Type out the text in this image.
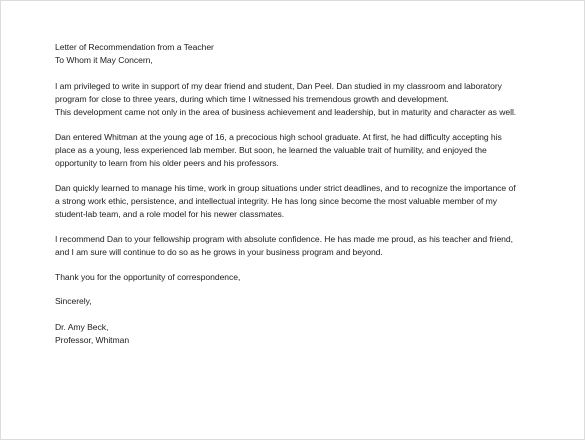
Letter of Recommendation from a Teacher
To Whom it May Concern,
I am privileged to write in support of my dear friend and student, Dan Peel. Dan studied in my classroom and laboratory
program for close to three years, during which time I witnessed his tremendous growth and development.
This development came not only in the area of business achievement and leadership, but in maturity and character as well.
Dan entered Whitman at the young age of 16, a precocious high school graduate. At first, he had difficulty accepting his
place as a young, less experienced lab member. But soon, he learned the valuable trait of humility, and enjoyed the
opportunity to learn from his older peers and his professors.
Dan quickly learned to manage his time, work in group situations under strict deadlines, and to recognize the importance of
a strong work ethic, persistence, and intellectual integrity. He has long since become the most valuable member of my
student-lab team, and a role model for his newer classmates.
I recommend Dan to your fellowship program with absolute confidence. He has made me proud, as his teacher and friend,
and I am sure will continue to do so as he grows in your business program and beyond.
Thank you for the opportunity of correspondence,
Sincerely,
Dr. Amy Beck,
Professor, Whitman
